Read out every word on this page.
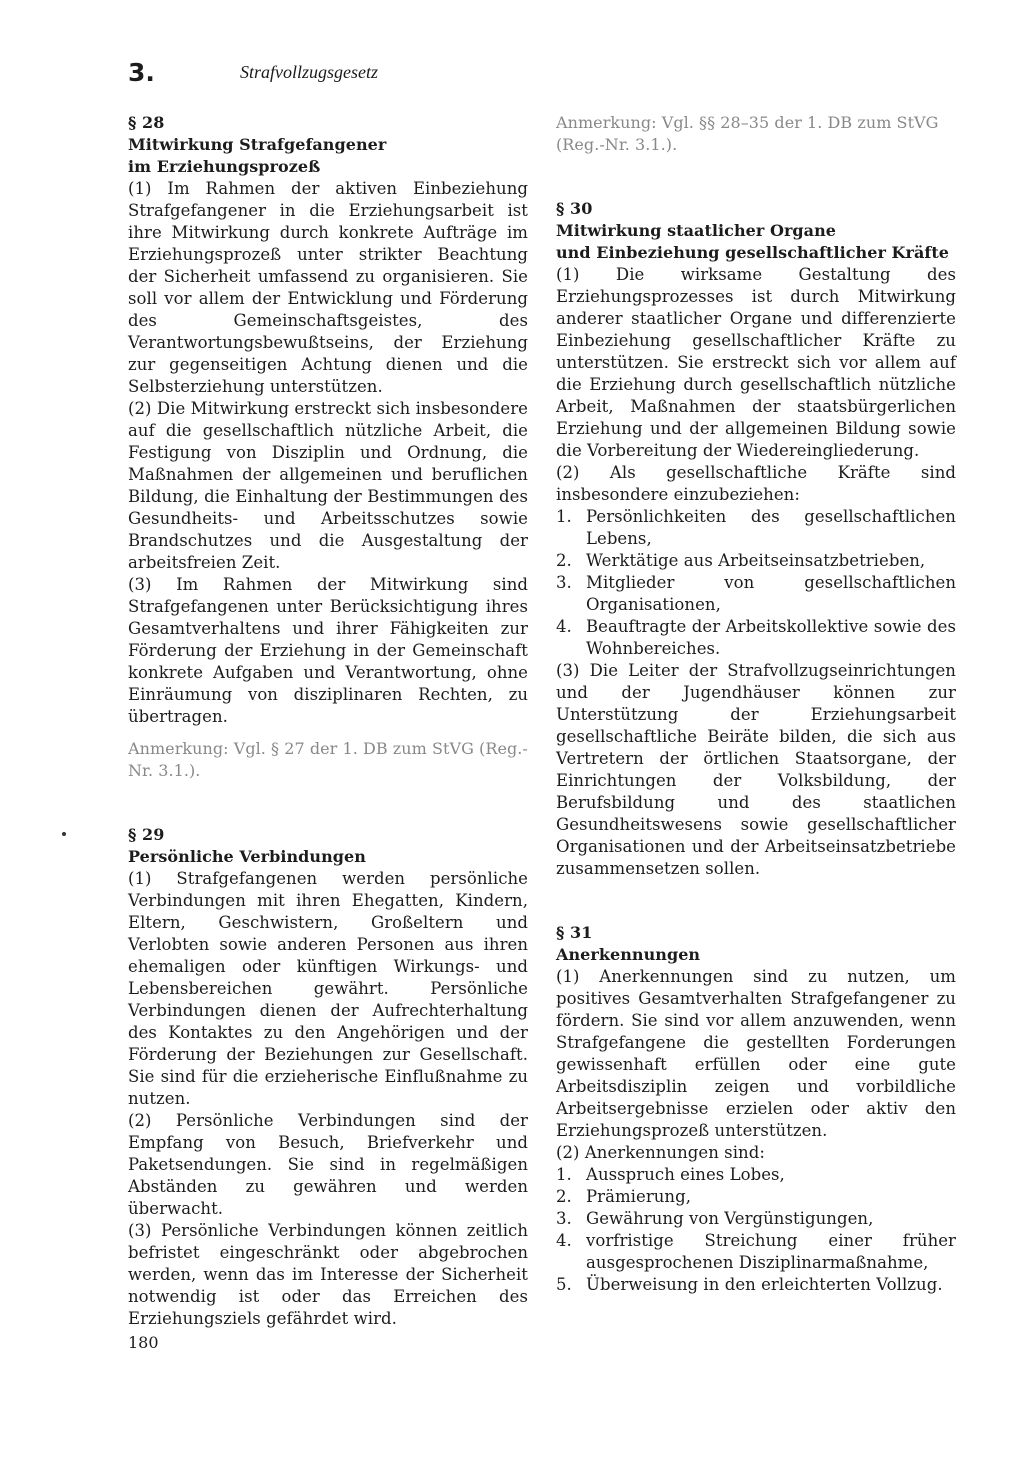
3.	Strafvollzugsgesetz
§ 28
Mitwirkung Strafgefangener
im Erziehungsprozeß

(1) Im Rahmen der aktiven Einbeziehung Strafgefangener in die Erziehungsarbeit ist ihre Mitwirkung durch konkrete Aufträge im Erziehungsprozeß unter strikter Beachtung der Sicherheit umfassend zu organisieren. Sie soll vor allem der Entwicklung und Förderung des Gemeinschaftsgeistes, des Verantwortungsbewußtseins, der Erziehung zur gegenseitigen Achtung dienen und die Selbsterziehung unterstützen.

(2) Die Mitwirkung erstreckt sich insbesondere auf die gesellschaftlich nützliche Arbeit, die Festigung von Disziplin und Ordnung, die Maßnahmen der allgemeinen und beruflichen Bildung, die Einhaltung der Bestimmungen des Gesundheits- und Arbeitsschutzes sowie Brandschutzes und die Ausgestaltung der arbeitsfreien Zeit.

(3) Im Rahmen der Mitwirkung sind Strafgefangenen unter Berücksichtigung ihres Gesamtverhaltens und ihrer Fähigkeiten zur Förderung der Erziehung in der Gemeinschaft konkrete Aufgaben und Verantwortung, ohne Einräumung von disziplinaren Rechten, zu übertragen.

Anmerkung: Vgl. § 27 der 1. DB zum StVG (Reg.-Nr. 3.1.).

§ 29
Persönliche Verbindungen

(1) Strafgefangenen werden persönliche Verbindungen mit ihren Ehegatten, Kindern, Eltern, Geschwistern, Großeltern und Verlobten sowie anderen Personen aus ihren ehemaligen oder künftigen Wirkungs- und Lebensbereichen gewährt. Persönliche Verbindungen dienen der Aufrechterhaltung des Kontaktes zu den Angehörigen und der Förderung der Beziehungen zur Gesellschaft. Sie sind für die erzieherische Einflußnahme zu nutzen.

(2) Persönliche Verbindungen sind der Empfang von Besuch, Briefverkehr und Paketsendungen. Sie sind in regelmäßigen Abständen zu gewähren und werden überwacht.

(3) Persönliche Verbindungen können zeitlich befristet eingeschränkt oder abgebrochen werden, wenn das im Interesse der Sicherheit notwendig ist oder das Erreichen des Erziehungsziels gefährdet wird.

Anmerkung: Vgl. §§ 28–35 der 1. DB zum StVG (Reg.-Nr. 3.1.).

§ 30
Mitwirkung staatlicher Organe
und Einbeziehung gesellschaftlicher Kräfte

(1) Die wirksame Gestaltung des Erziehungsprozesses ist durch Mitwirkung anderer staatlicher Organe und differenzierte Einbeziehung gesellschaftlicher Kräfte zu unterstützen. Sie erstreckt sich vor allem auf die Erziehung durch gesellschaftlich nützliche Arbeit, Maßnahmen der staatsbürgerlichen Erziehung und der allgemeinen Bildung sowie die Vorbereitung der Wiedereingliederung.

(2) Als gesellschaftliche Kräfte sind insbesondere einzubeziehen:

1. Persönlichkeiten des gesellschaftlichen Lebens,
2. Werktätige aus Arbeitseinsatzbetrieben,
3. Mitglieder von gesellschaftlichen Organisationen,
4. Beauftragte der Arbeitskollektive sowie des Wohnbereiches.

(3) Die Leiter der Strafvollzugseinrichtungen und der Jugendhäuser können zur Unterstützung der Erziehungsarbeit gesellschaftliche Beiräte bilden, die sich aus Vertretern der örtlichen Staatsorgane, der Einrichtungen der Volksbildung, der Berufsbildung und des staatlichen Gesundheitswesens sowie gesellschaftlicher Organisationen und der Arbeitseinsatzbetriebe zusammensetzen sollen.

§ 31
Anerkennungen

(1) Anerkennungen sind zu nutzen, um positives Gesamtverhalten Strafgefangener zu fördern. Sie sind vor allem anzuwenden, wenn Strafgefangene die gestellten Forderungen gewissenhaft erfüllen oder eine gute Arbeitsdisziplin zeigen und vorbildliche Arbeitsergebnisse erzielen oder aktiv den Erziehungsprozeß unterstützen.

(2) Anerkennungen sind:

1. Ausspruch eines Lobes,
2. Prämierung,
3. Gewährung von Vergünstigungen,
4. vorfristige Streichung einer früher ausgesprochenen Disziplinarmaßnahme,
5. Überweisung in den erleichterten Vollzug.
180
